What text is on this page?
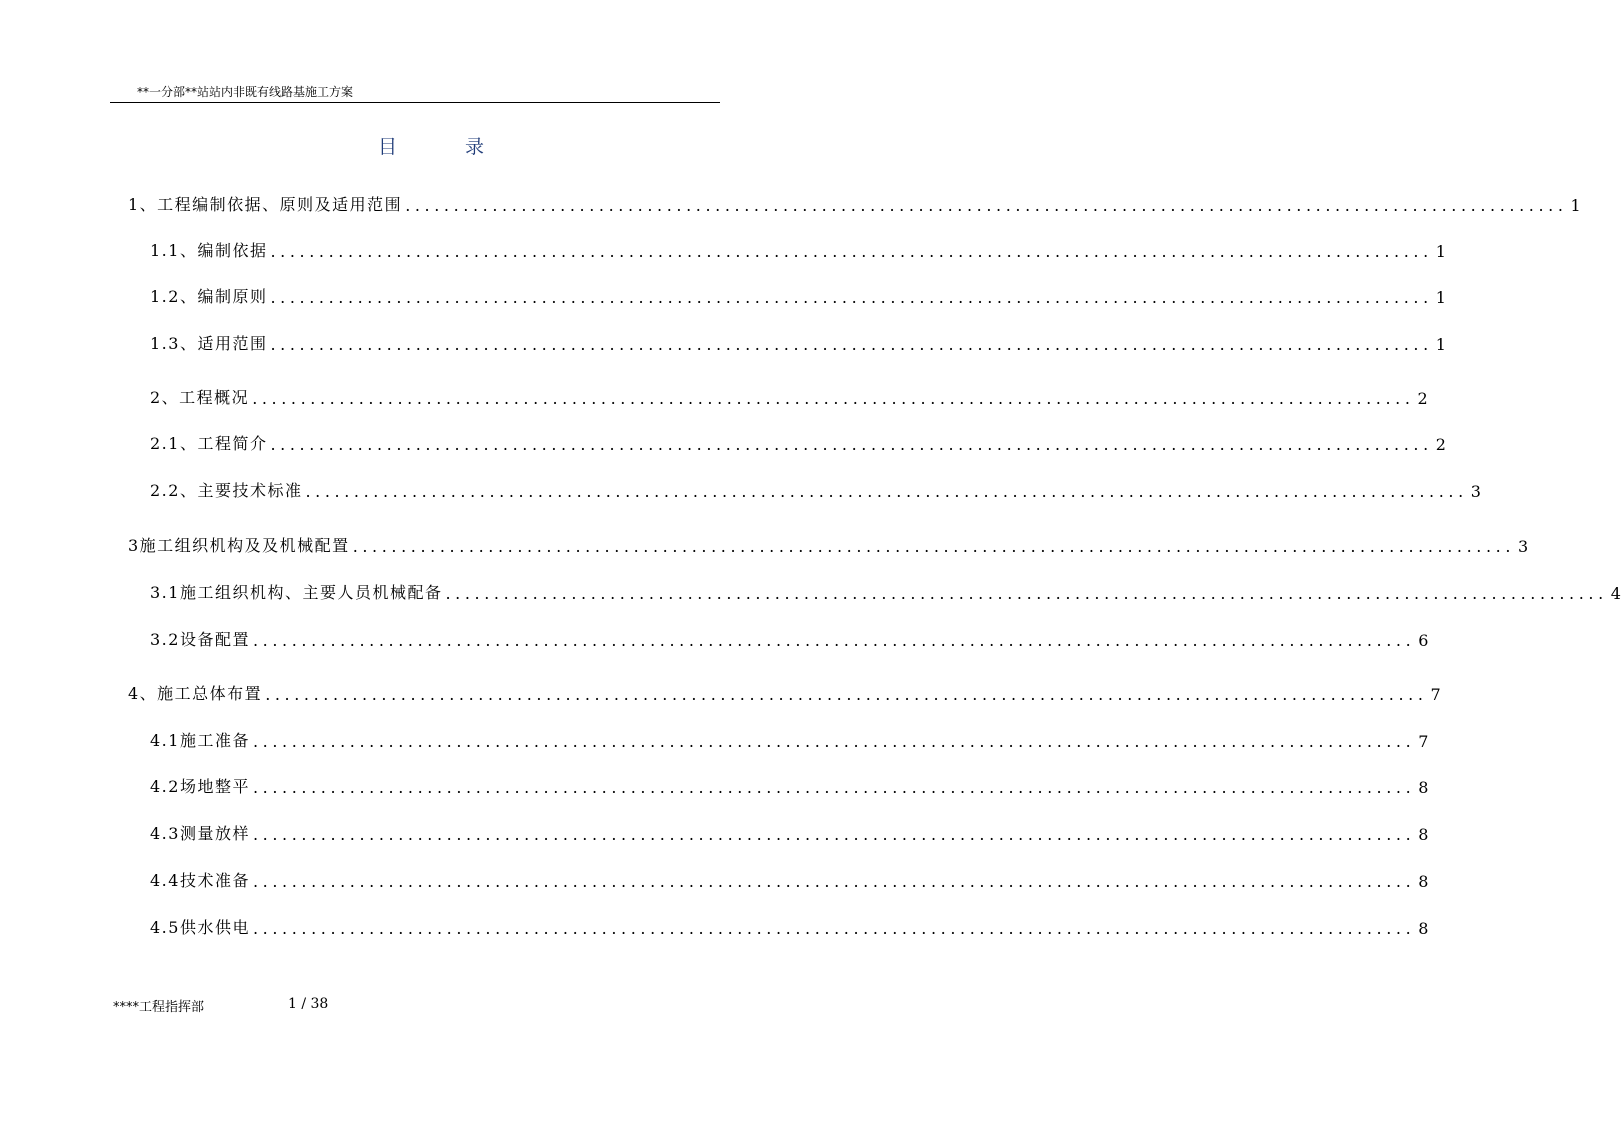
**一分部**站站内非既有线路基施工方案
目	录
1、工程编制依据、原则及适用范围 ........................................................................................................................ 1
1.1、编制依据 ........................................................................................................................ 1
1.2、编制原则 ........................................................................................................................ 1
1.3、适用范围 ........................................................................................................................ 1
2、工程概况 ........................................................................................................................ 2
2.1、工程简介 ........................................................................................................................ 2
2.2、主要技术标准 ........................................................................................................................ 3
3施工组织机构及及机械配置 ........................................................................................................................ 3
3.1施工组织机构、主要人员机械配备 ........................................................................................................................ 4
3.2设备配置 ........................................................................................................................ 6
4、施工总体布置 ........................................................................................................................ 7
4.1施工准备 ........................................................................................................................ 7
4.2场地整平 ........................................................................................................................ 8
4.3测量放样 ........................................................................................................................ 8
4.4技术准备 ........................................................................................................................ 8
4.5供水供电 ........................................................................................................................ 8
****工程指挥部	1 / 38
